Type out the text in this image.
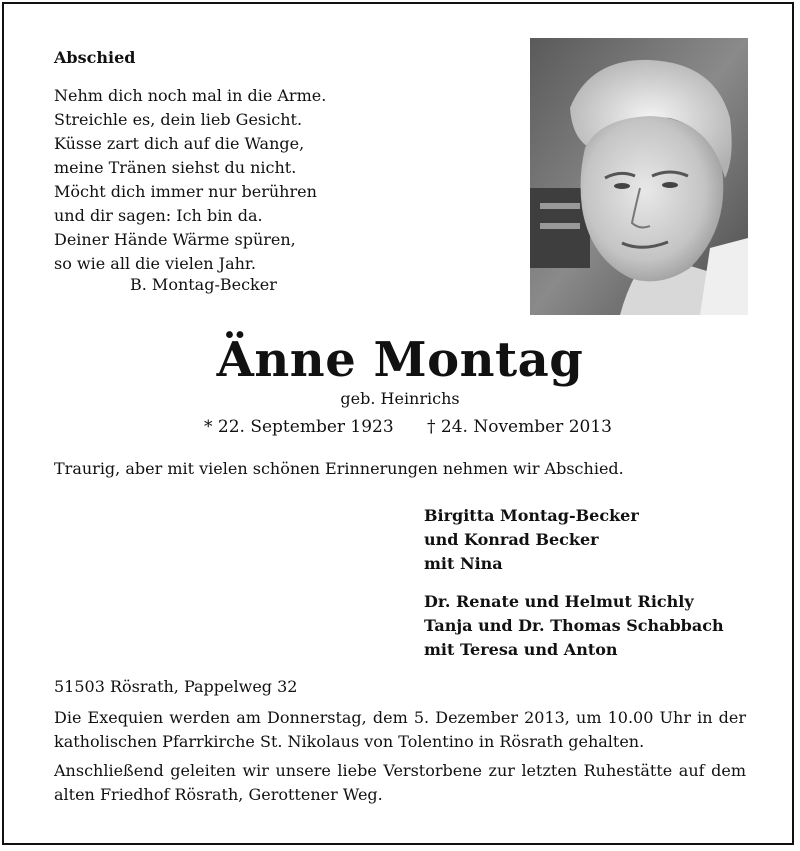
Abschied
Nehm dich noch mal in die Arme.
Streichle es, dein lieb Gesicht.
Küsse zart dich auf die Wange,
meine Tränen siehst du nicht.
Möcht dich immer nur berühren
und dir sagen: Ich bin da.
Deiner Hände Wärme spüren,
so wie all die vielen Jahr.
B. Montag-Becker
Änne Montag
geb. Heinrichs
* 22. September 1923 † 24. November 2013
Traurig, aber mit vielen schönen Erinnerungen nehmen wir Abschied.
Birgitta Montag-Becker
und Konrad Becker
mit Nina
Dr. Renate und Helmut Richly
Tanja und Dr. Thomas Schabbach
mit Teresa und Anton
51503 Rösrath, Pappelweg 32
Die Exequien werden am Donnerstag, dem 5. Dezember 2013, um 10.00 Uhr in der katholischen Pfarrkirche St. Nikolaus von Tolentino in Rösrath gehalten.
Anschließend geleiten wir unsere liebe Verstorbene zur letzten Ruhestätte auf dem alten Friedhof Rösrath, Gerottener Weg.
